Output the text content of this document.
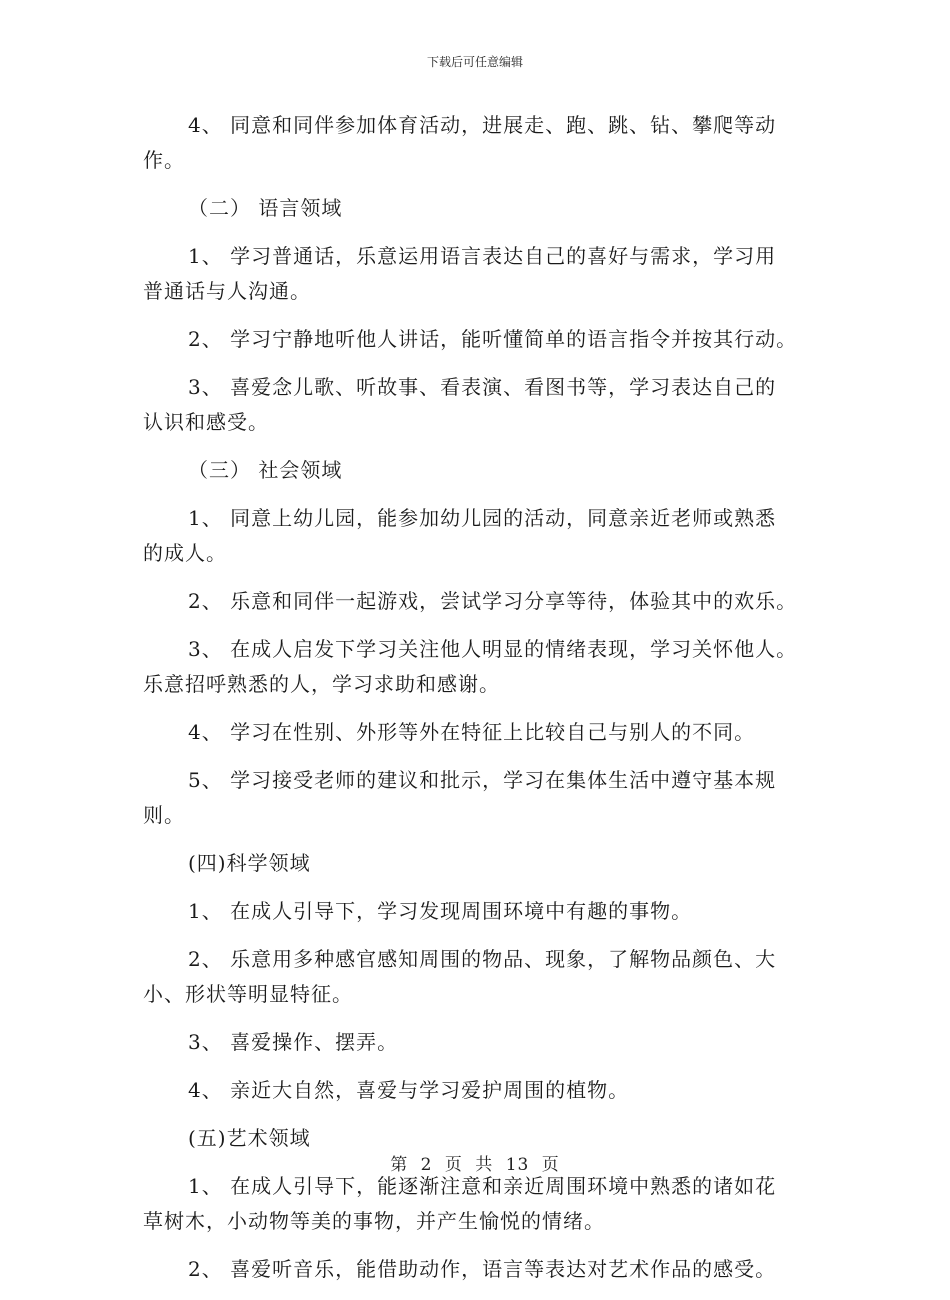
下载后可任意编辑

4、 同意和同伴参加体育活动，进展走、跑、跳、钻、攀爬等动
作。

（二） 语言领域

1、 学习普通话，乐意运用语言表达自己的喜好与需求，学习用
普通话与人沟通。

2、 学习宁静地听他人讲话，能听懂简单的语言指令并按其行动。

3、 喜爱念儿歌、听故事、看表演、看图书等，学习表达自己的
认识和感受。

（三） 社会领域

1、 同意上幼儿园，能参加幼儿园的活动，同意亲近老师或熟悉
的成人。

2、 乐意和同伴一起游戏，尝试学习分享等待，体验其中的欢乐。

3、 在成人启发下学习关注他人明显的情绪表现，学习关怀他人。
乐意招呼熟悉的人，学习求助和感谢。

4、 学习在性别、外形等外在特征上比较自己与别人的不同。

5、 学习接受老师的建议和批示，学习在集体生活中遵守基本规
则。

(四)科学领域

1、 在成人引导下，学习发现周围环境中有趣的事物。

2、 乐意用多种感官感知周围的物品、现象，了解物品颜色、大
小、形状等明显特征。

3、 喜爱操作、摆弄。

4、 亲近大自然，喜爱与学习爱护周围的植物。

(五)艺术领域

1、 在成人引导下，能逐渐注意和亲近周围环境中熟悉的诸如花
草树木，小动物等美的事物，并产生愉悦的情绪。

2、 喜爱听音乐，能借助动作，语言等表达对艺术作品的感受。

第 2 页 共 13 页
